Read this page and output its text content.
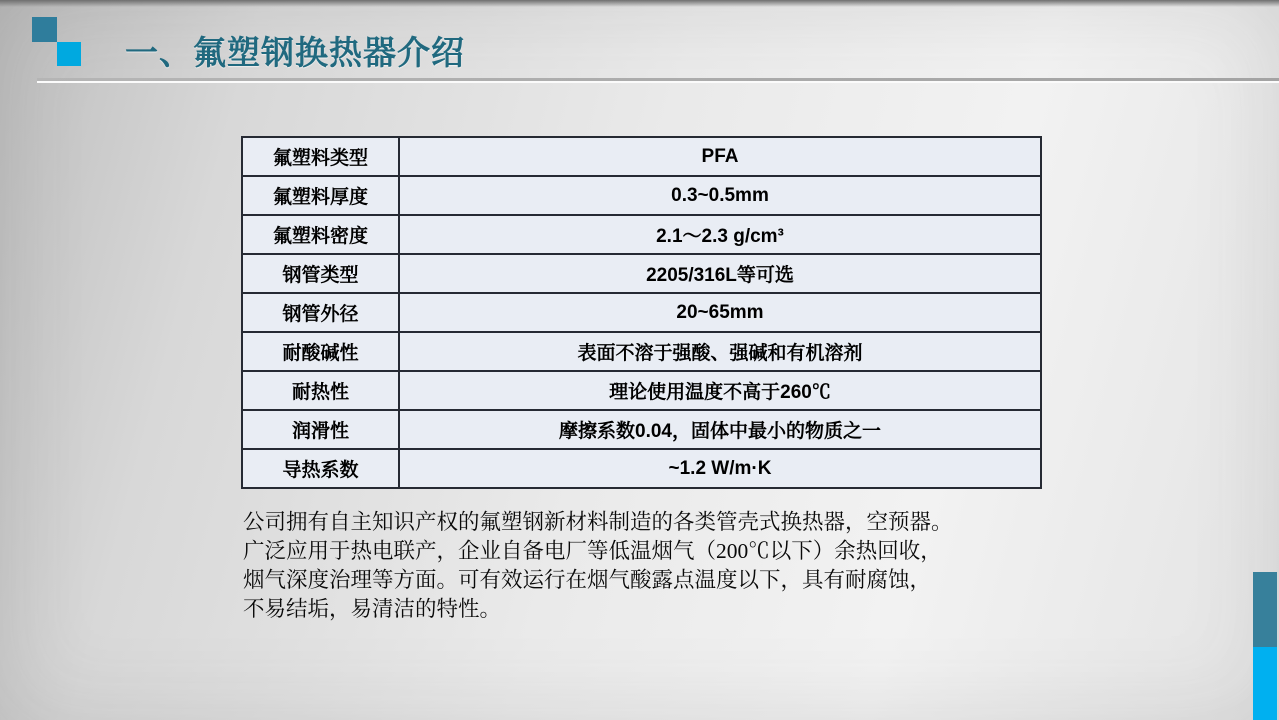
一、氟塑钢换热器介绍
氟塑料类型	PFA
氟塑料厚度	0.3~0.5mm
氟塑料密度	2.1～2.3 g/cm³
钢管类型	2205/316L等可选
钢管外径	20~65mm
耐酸碱性	表面不溶于强酸、强碱和有机溶剂
耐热性	理论使用温度不高于260℃
润滑性	摩擦系数0.04，固体中最小的物质之一
导热系数	~1.2 W/m·K
公司拥有自主知识产权的氟塑钢新材料制造的各类管壳式换热器，空预器。
广泛应用于热电联产，企业自备电厂等低温烟气（200℃以下）余热回收，
烟气深度治理等方面。可有效运行在烟气酸露点温度以下，具有耐腐蚀，
不易结垢，易清洁的特性。
